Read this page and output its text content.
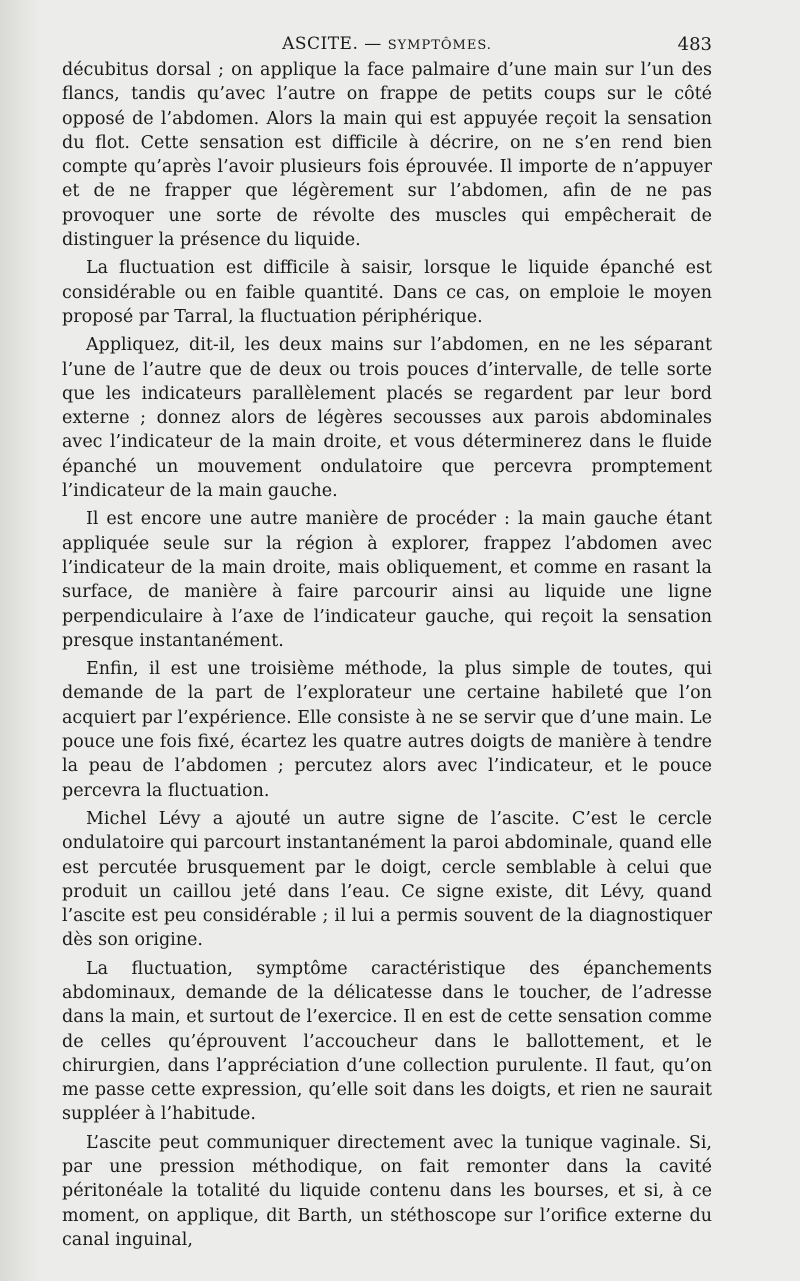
ASCITE. — SYMPTÔMES.	483

décubitus dorsal ; on applique la face palmaire d’une main sur l’un des flancs, tandis qu’avec l’autre on frappe de petits coups sur le côté opposé de l’abdomen. Alors la main qui est appuyée reçoit la sensation du flot. Cette sensation est difficile à décrire, on ne s’en rend bien compte qu’après l’avoir plusieurs fois éprouvée. Il importe de n’appuyer et de ne frapper que légèrement sur l’abdomen, afin de ne pas provoquer une sorte de révolte des muscles qui empêcherait de distinguer la présence du liquide.

La fluctuation est difficile à saisir, lorsque le liquide épanché est considérable ou en faible quantité. Dans ce cas, on emploie le moyen proposé par Tarral, la fluctuation périphérique.

Appliquez, dit-il, les deux mains sur l’abdomen, en ne les séparant l’une de l’autre que de deux ou trois pouces d’intervalle, de telle sorte que les indicateurs parallèlement placés se regardent par leur bord externe ; donnez alors de légères secousses aux parois abdominales avec l’indicateur de la main droite, et vous déterminerez dans le fluide épanché un mouvement ondulatoire que percevra promptement l’indicateur de la main gauche.

Il est encore une autre manière de procéder : la main gauche étant appliquée seule sur la région à explorer, frappez l’abdomen avec l’indicateur de la main droite, mais obliquement, et comme en rasant la surface, de manière à faire parcourir ainsi au liquide une ligne perpendiculaire à l’axe de l’indicateur gauche, qui reçoit la sensation presque instantanément.

Enfin, il est une troisième méthode, la plus simple de toutes, qui demande de la part de l’explorateur une certaine habileté que l’on acquiert par l’expérience. Elle consiste à ne se servir que d’une main. Le pouce une fois fixé, écartez les quatre autres doigts de manière à tendre la peau de l’abdomen ; percutez alors avec l’indicateur, et le pouce percevra la fluctuation.

Michel Lévy a ajouté un autre signe de l’ascite. C’est le cercle ondulatoire qui parcourt instantanément la paroi abdominale, quand elle est percutée brusquement par le doigt, cercle semblable à celui que produit un caillou jeté dans l’eau. Ce signe existe, dit Lévy, quand l’ascite est peu considérable ; il lui a permis souvent de la diagnostiquer dès son origine.

La fluctuation, symptôme caractéristique des épanchements abdominaux, demande de la délicatesse dans le toucher, de l’adresse dans la main, et surtout de l’exercice. Il en est de cette sensation comme de celles qu’éprouvent l’accoucheur dans le ballottement, et le chirurgien, dans l’appréciation d’une collection purulente. Il faut, qu’on me passe cette expression, qu’elle soit dans les doigts, et rien ne saurait suppléer à l’habitude.

L’ascite peut communiquer directement avec la tunique vaginale. Si, par une pression méthodique, on fait remonter dans la cavité péritonéale la totalité du liquide contenu dans les bourses, et si, à ce moment, on applique, dit Barth, un stéthoscope sur l’orifice externe du canal inguinal,
